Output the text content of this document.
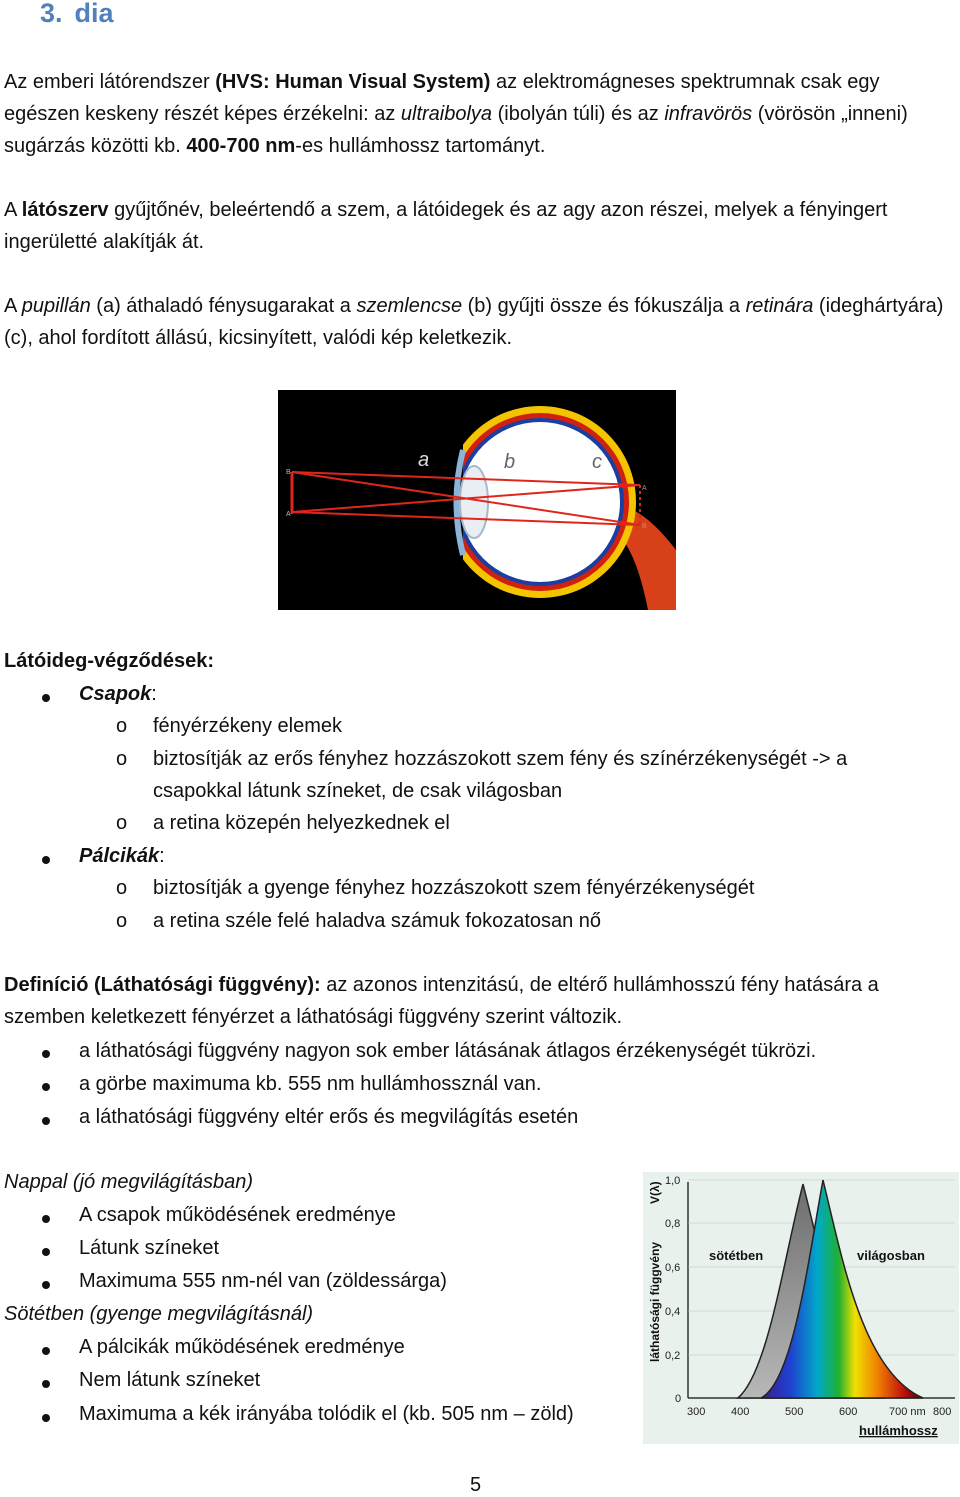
3. dia
Az emberi látórendszer (HVS: Human Visual System) az elektromágneses spektrumnak csak egy egészen keskeny részét képes érzékelni: az ultraibolya (ibolyán túli) és az infravörös (vörösön „inneni) sugárzás közötti kb. 400-700 nm-es hullámhossz tartományt.
A látószerv gyűjtőnév, beleértendő a szem, a látóidegek és az agy azon részei, melyek a fényingert ingerületté alakítják át.
A pupillán (a) áthaladó fénysugarakat a szemlencse (b) gyűjti össze és fókuszálja a retinára (ideghártyára) (c), ahol fordított állású, kicsinyített, valódi kép keletkezik.
a	b	c
B
A
A
B
Látóideg-végződések:
Csapok:
o fényérzékeny elemek
o biztosítják az erős fényhez hozzászokott szem fény és színérzékenységét -> a csapokkal látunk színeket, de csak világosban
o a retina közepén helyezkednek el
Pálcikák:
o biztosítják a gyenge fényhez hozzászokott szem fényérzékenységét
o a retina széle felé haladva számuk fokozatosan nő
Definíció (Láthatósági függvény): az azonos intenzitású, de eltérő hullámhosszú fény hatására a szemben keletkezett fényérzet a láthatósági függvény szerint változik.
a láthatósági függvény nagyon sok ember látásának átlagos érzékenységét tükrözi.
a görbe maximuma kb. 555 nm hullámhossznál van.
a láthatósági függvény eltér erős és megvilágítás esetén
Nappal (jó megvilágításban)
A csapok működésének eredménye
Látunk színeket
Maximuma 555 nm-nél van (zöldessárga)
Sötétben (gyenge megvilágításnál)
A pálcikák működésének eredménye
Nem látunk színeket
Maximuma a kék irányába tolódik el (kb. 505 nm – zöld)
1,0
0,8
0,6
0,4
0,2
0
300 400	500	600	700 nm 800
hullámhossz
sötétben	világosban
láthatósági függvény
V(λ)
5
